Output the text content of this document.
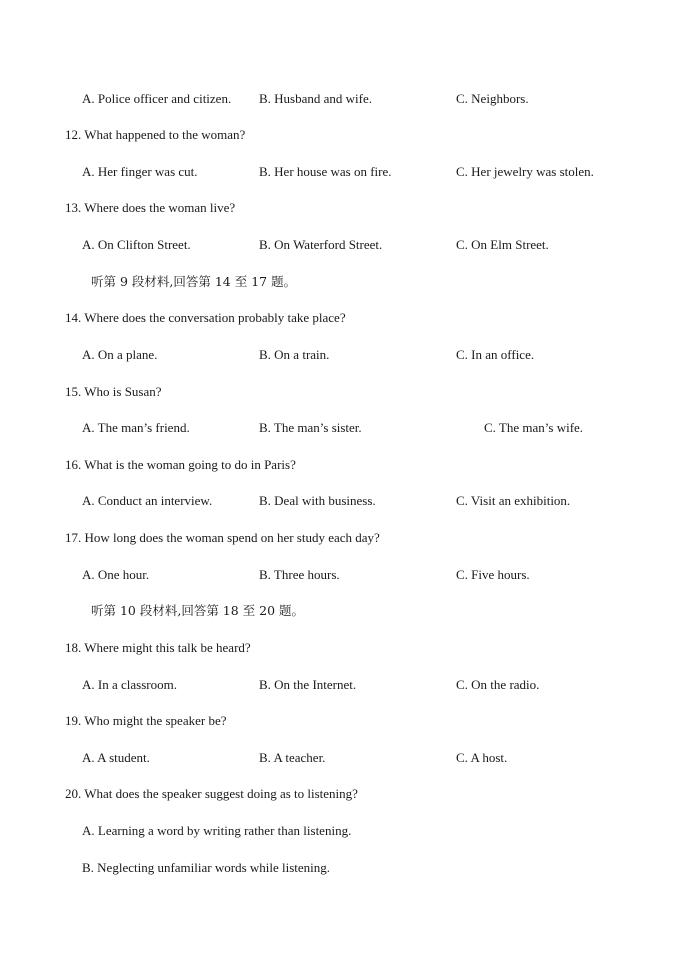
A. Police officer and citizen. B. Husband and wife.	C. Neighbors.
12. What happened to the woman?
A. Her finger was cut.	B. Her house was on fire.	C. Her jewelry was stolen.
13. Where does the woman live?
A. On Clifton Street.	B. On Waterford Street.	C. On Elm Street.
听第 9 段材料,回答第 14 至 17 题。
14. Where does the conversation probably take place?
A. On a plane.	B. On a train.	C. In an office.
15. Who is Susan?
A. The man’s friend.	B. The man’s sister.	C. The man’s wife.
16. What is the woman going to do in Paris?
A. Conduct an interview.	B. Deal with business.	C. Visit an exhibition.
17. How long does the woman spend on her study each day?
A. One hour.	B. Three hours.	C. Five hours.
听第 10 段材料,回答第 18 至 20 题。
18. Where might this talk be heard?
A. In a classroom.	B. On the Internet.	C. On the radio.
19. Who might the speaker be?
A. A student.	B. A teacher.	C. A host.
20. What does the speaker suggest doing as to listening?
A. Learning a word by writing rather than listening.
B. Neglecting unfamiliar words while listening.
